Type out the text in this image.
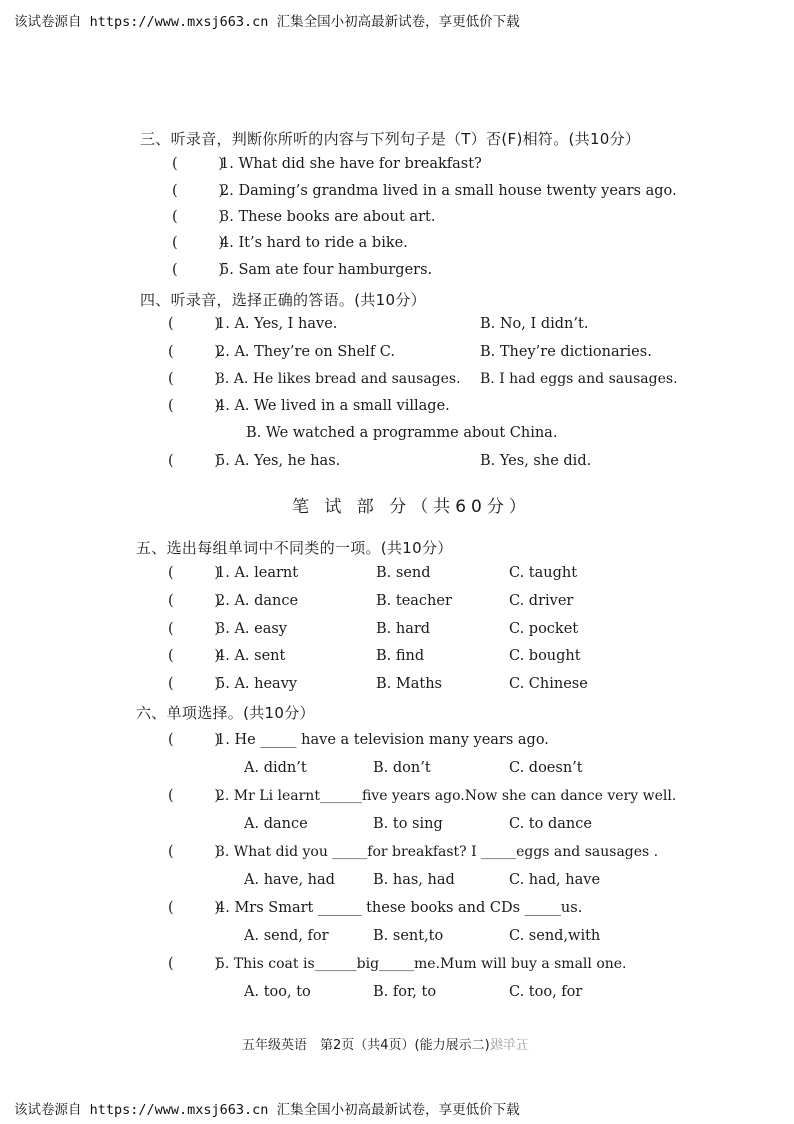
该试卷源自 https://www.mxsj663.cn 汇集全国小初高最新试卷，享更低价下载
三、听录音，判断你所听的内容与下列句子是（T）否(F)相符。(共10分）
1. What did she have for breakfast?
2. Daming’s grandma lived in a small house twenty years ago.
3. These books are about art.
4. It’s hard to ride a bike.
5. Sam ate four hamburgers.
四、听录音，选择正确的答语。(共10分）
1. A. Yes, I have.	B. No, I didn’t.
2. A. They’re on Shelf C.	B. They’re dictionaries.
3. A. He likes bread and sausages. B. I had eggs and sausages.
4. A. We lived in a small village.
B. We watched a programme about China.
5. A. Yes, he has.	B. Yes, she did.
笔 试 部 分（共60分）
五、选出每组单词中不同类的一项。(共10分）
1. A. learnt	B. send	C. taught
2. A. dance	B. teacher	C. driver
3. A. easy	B. hard	C. pocket
4. A. sent	B. find	C. bought
5. A. heavy	B. Maths	C. Chinese
六、单项选择。(共10分）
1. He _____ have a television many years ago.
A. didn’t	B. don’t	C. doesn’t
2. Mr Li learnt______five years ago.Now she can dance very well.
A. dance	B. to sing	C. to dance
3. What did you _____for breakfast? I _____eggs and sausages .
A. have, had	B. has, had	C. had, have
4. Mrs Smart ______ these books and CDs _____us.
A. send, for	B. sent,to	C. send,with
5. This coat is______big_____me.Mum will buy a small one.
A. too, to	B. for, to	C. too, for
五年级英语　第2页（共4页）(能力展示二)五年级
该试卷源自 https://www.mxsj663.cn 汇集全国小初高最新试卷，享更低价下载
